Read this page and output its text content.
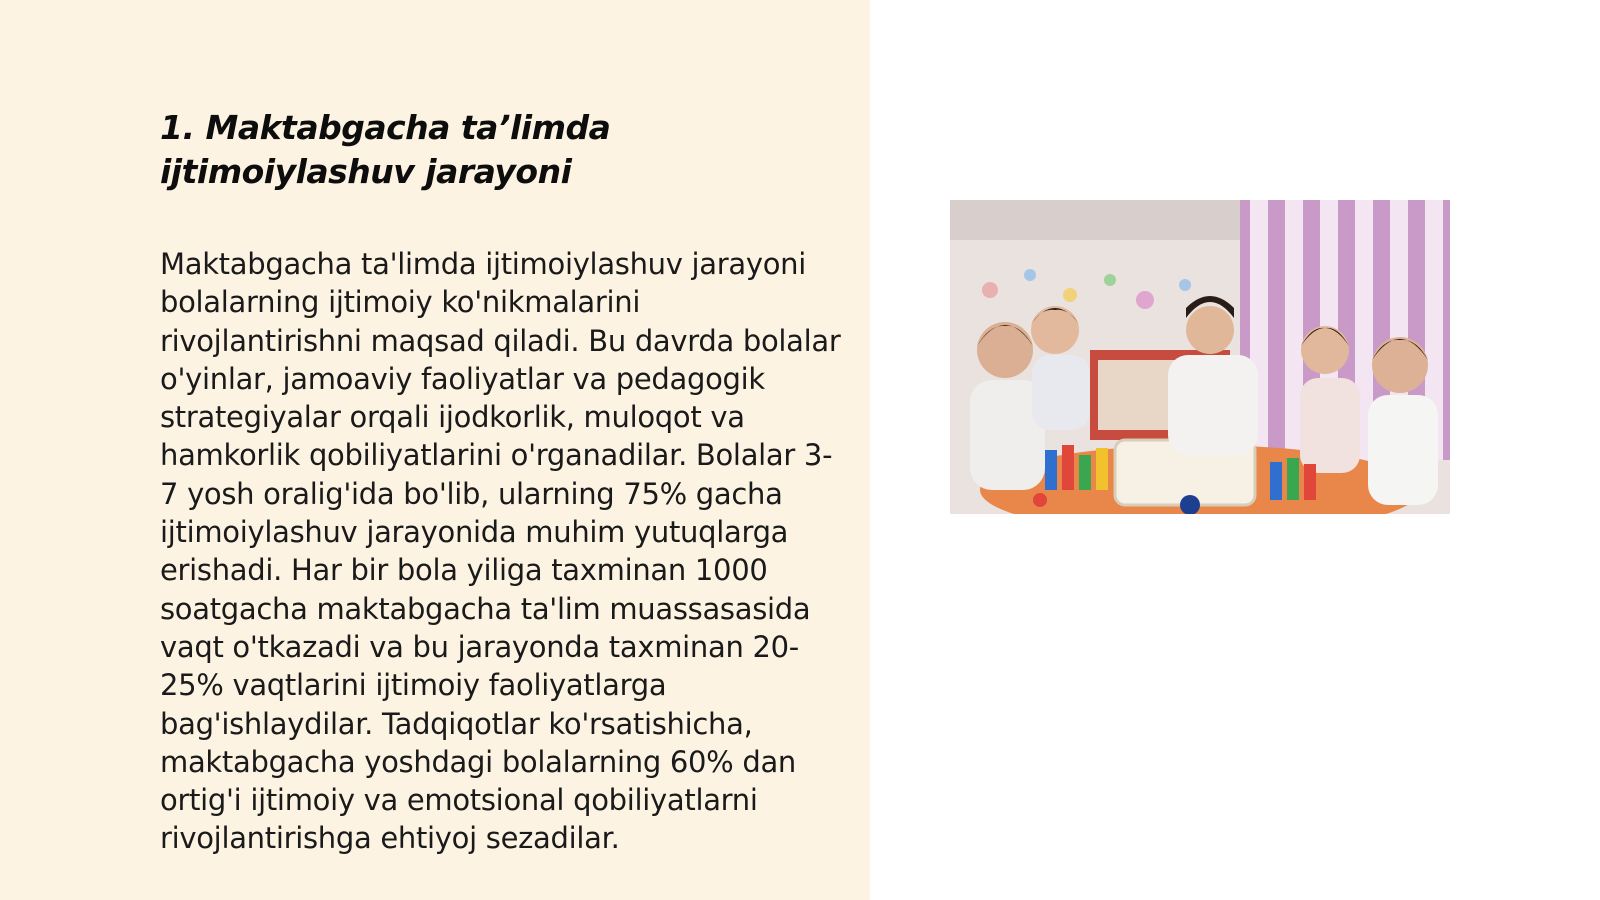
1. Maktabgacha ta’limda ijtimoiylashuv jarayoni

Maktabgacha ta'limda ijtimoiylashuv jarayoni bolalarning ijtimoiy ko'nikmalarini rivojlantirishni maqsad qiladi. Bu davrda bolalar o'yinlar, jamoaviy faoliyatlar va pedagogik strategiyalar orqali ijodkorlik, muloqot va hamkorlik qobiliyatlarini o'rganadilar. Bolalar 3-7 yosh oralig'ida bo'lib, ularning 75% gacha ijtimoiylashuv jarayonida muhim yutuqlarga erishadi. Har bir bola yiliga taxminan 1000 soatgacha maktabgacha ta'lim muassasasida vaqt o'tkazadi va bu jarayonda taxminan 20-25% vaqtlarini ijtimoiy faoliyatlarga bag'ishlaydilar. Tadqiqotlar ko'rsatishicha, maktabgacha yoshdagi bolalarning 60% dan ortig'i ijtimoiy va emotsional qobiliyatlarni rivojlantirishga ehtiyoj sezadilar.
